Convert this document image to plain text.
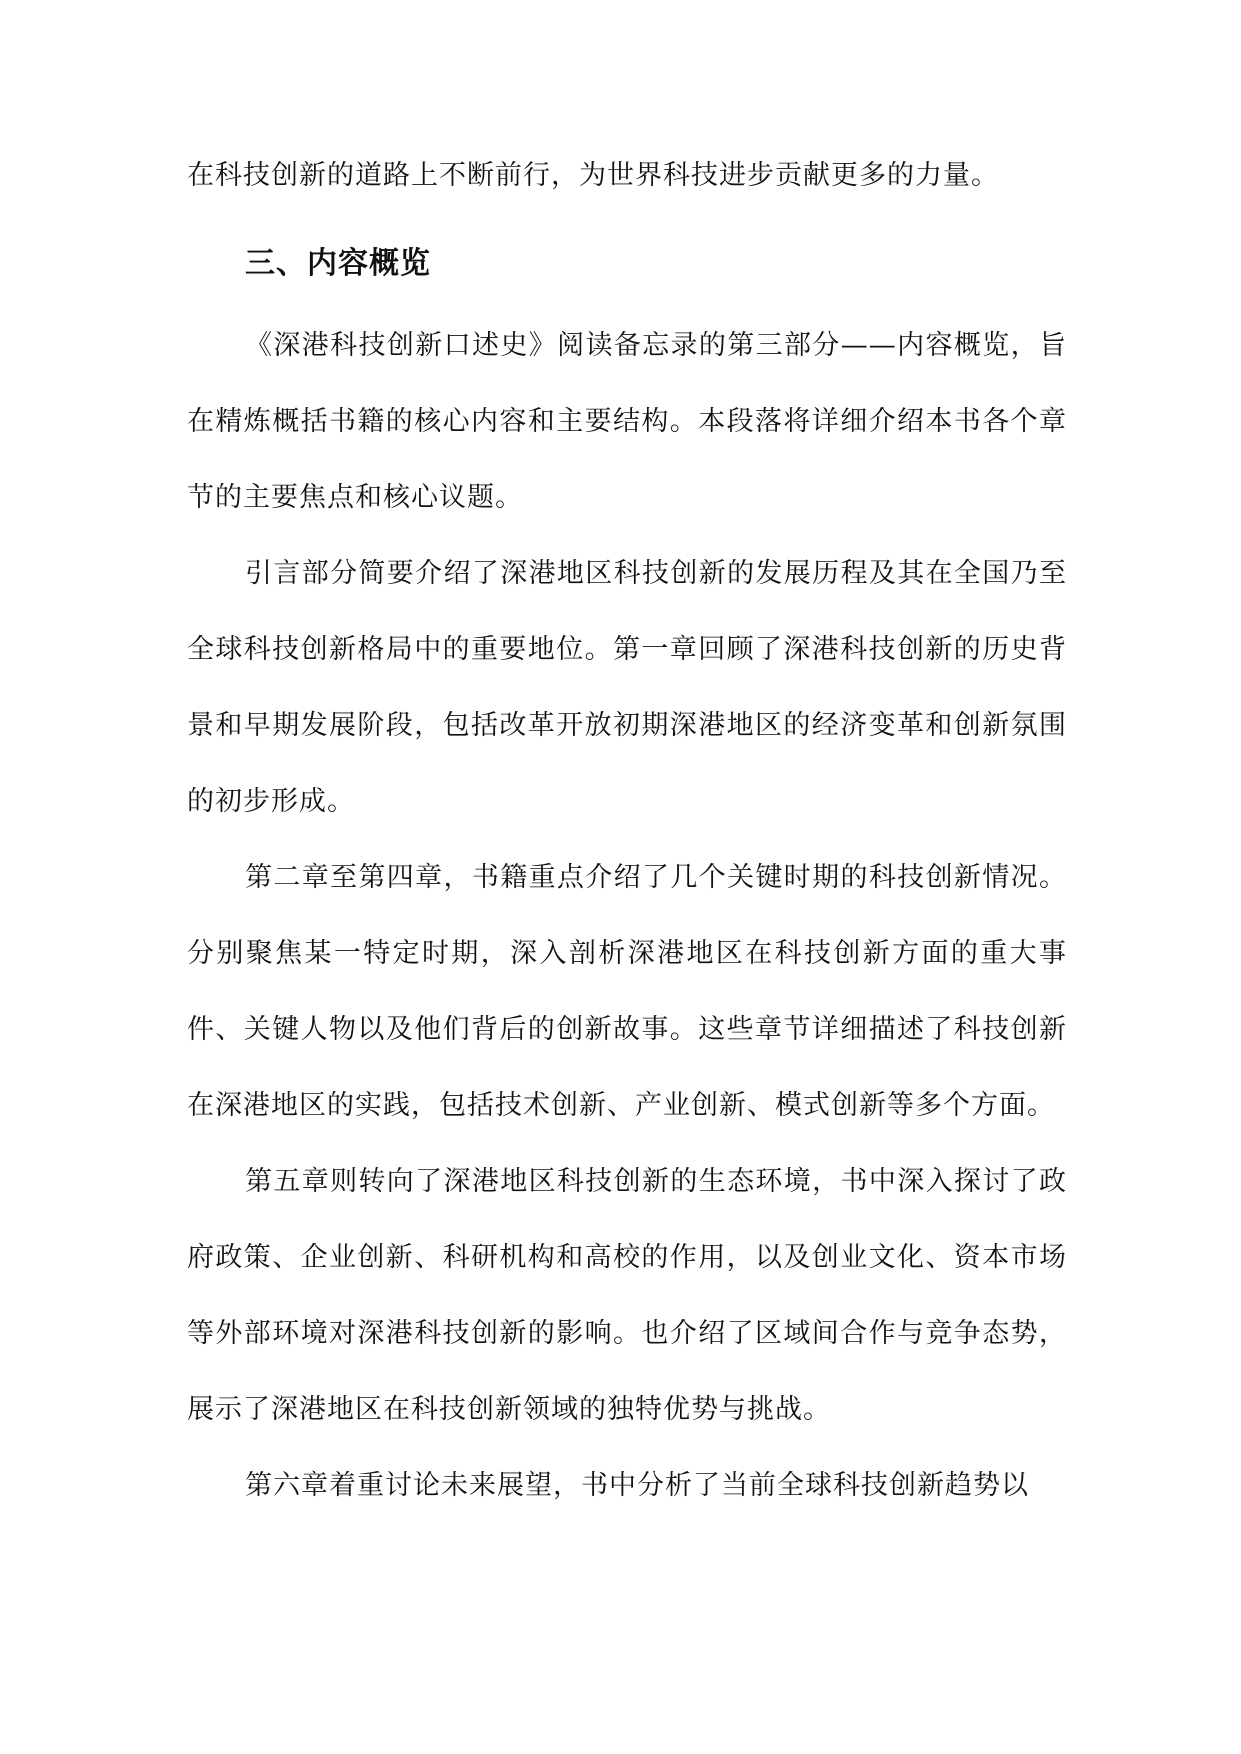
在科技创新的道路上不断前行，为世界科技进步贡献更多的力量。

三、内容概览

《深港科技创新口述史》阅读备忘录的第三部分——内容概览，旨在精炼概括书籍的核心内容和主要结构。本段落将详细介绍本书各个章节的主要焦点和核心议题。

引言部分简要介绍了深港地区科技创新的发展历程及其在全国乃至全球科技创新格局中的重要地位。第一章回顾了深港科技创新的历史背景和早期发展阶段，包括改革开放初期深港地区的经济变革和创新氛围的初步形成。

第二章至第四章，书籍重点介绍了几个关键时期的科技创新情况。分别聚焦某一特定时期，深入剖析深港地区在科技创新方面的重大事件、关键人物以及他们背后的创新故事。这些章节详细描述了科技创新在深港地区的实践，包括技术创新、产业创新、模式创新等多个方面。

第五章则转向了深港地区科技创新的生态环境，书中深入探讨了政府政策、企业创新、科研机构和高校的作用，以及创业文化、资本市场等外部环境对深港科技创新的影响。也介绍了区域间合作与竞争态势，展示了深港地区在科技创新领域的独特优势与挑战。

第六章着重讨论未来展望，书中分析了当前全球科技创新趋势以
